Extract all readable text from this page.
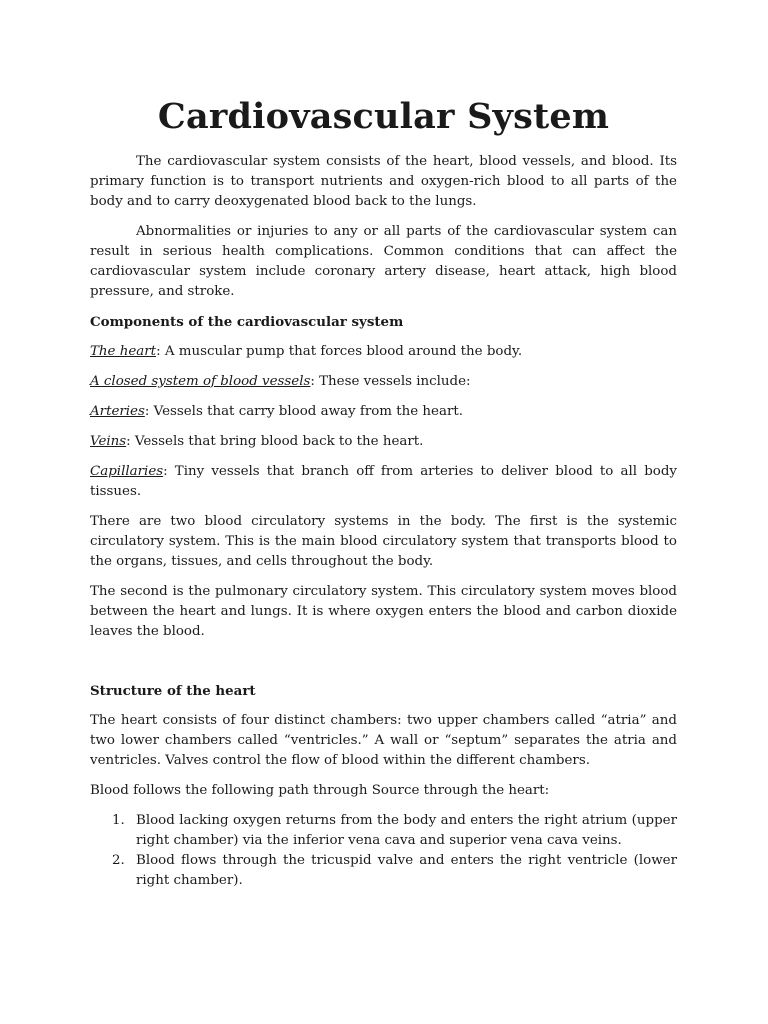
Cardiovascular System

The cardiovascular system consists of the heart, blood vessels, and blood. Its primary function is to transport nutrients and oxygen-rich blood to all parts of the body and to carry deoxygenated blood back to the lungs.

Abnormalities or injuries to any or all parts of the cardiovascular system can result in serious health complications. Common conditions that can affect the cardiovascular system include coronary artery disease, heart attack, high blood pressure, and stroke.

Components of the cardiovascular system

The heart: A muscular pump that forces blood around the body.

A closed system of blood vessels: These vessels include:

Arteries: Vessels that carry blood away from the heart.

Veins: Vessels that bring blood back to the heart.

Capillaries: Tiny vessels that branch off from arteries to deliver blood to all body tissues.

There are two blood circulatory systems in the body. The first is the systemic circulatory system. This is the main blood circulatory system that transports blood to the organs, tissues, and cells throughout the body.

The second is the pulmonary circulatory system. This circulatory system moves blood between the heart and lungs. It is where oxygen enters the blood and carbon dioxide leaves the blood.

Structure of the heart

The heart consists of four distinct chambers: two upper chambers called “atria” and two lower chambers called “ventricles.” A wall or “septum” separates the atria and ventricles. Valves control the flow of blood within the different chambers.

Blood follows the following path through Source through the heart:

1. Blood lacking oxygen returns from the body and enters the right atrium (upper right chamber) via the inferior vena cava and superior vena cava veins.
2. Blood flows through the tricuspid valve and enters the right ventricle (lower right chamber).
